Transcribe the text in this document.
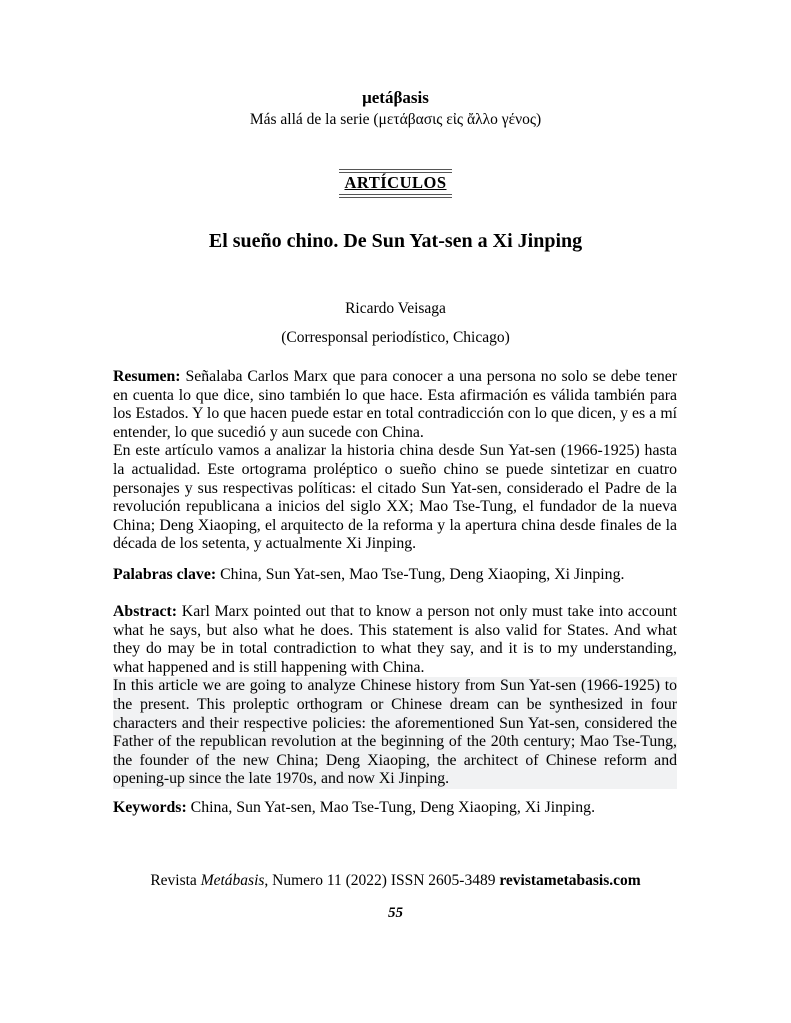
μetáβasis
Más allá de la serie (μετάβασις εἰς ἄλλο γένος)
ARTÍCULOS
El sueño chino. De Sun Yat-sen a Xi Jinping
Ricardo Veisaga
(Corresponsal periodístico, Chicago)

Resumen: Señalaba Carlos Marx que para conocer a una persona no solo se debe tener en cuenta lo que dice, sino también lo que hace. Esta afirmación es válida también para los Estados. Y lo que hacen puede estar en total contradicción con lo que dicen, y es a mí entender, lo que sucedió y aun sucede con China.

En este artículo vamos a analizar la historia china desde Sun Yat-sen (1966-1925) hasta la actualidad. Este ortograma proléptico o sueño chino se puede sintetizar en cuatro personajes y sus respectivas políticas: el citado Sun Yat-sen, considerado el Padre de la revolución republicana a inicios del siglo XX; Mao Tse-Tung, el fundador de la nueva China; Deng Xiaoping, el arquitecto de la reforma y la apertura china desde finales de la década de los setenta, y actualmente Xi Jinping.

Palabras clave: China, Sun Yat-sen, Mao Tse-Tung, Deng Xiaoping, Xi Jinping.

Abstract: Karl Marx pointed out that to know a person not only must take into account what he says, but also what he does. This statement is also valid for States. And what they do may be in total contradiction to what they say, and it is to my understanding, what happened and is still happening with China.

In this article we are going to analyze Chinese history from Sun Yat-sen (1966-1925) to the present. This proleptic orthogram or Chinese dream can be synthesized in four characters and their respective policies: the aforementioned Sun Yat-sen, considered the Father of the republican revolution at the beginning of the 20th century; Mao Tse-Tung, the founder of the new China; Deng Xiaoping, the architect of Chinese reform and opening-up since the late 1970s, and now Xi Jinping.

Keywords: China, Sun Yat-sen, Mao Tse-Tung, Deng Xiaoping, Xi Jinping.

Revista Metábasis, Numero 11 (2022) ISSN 2605-3489 revistametabasis.com
55
